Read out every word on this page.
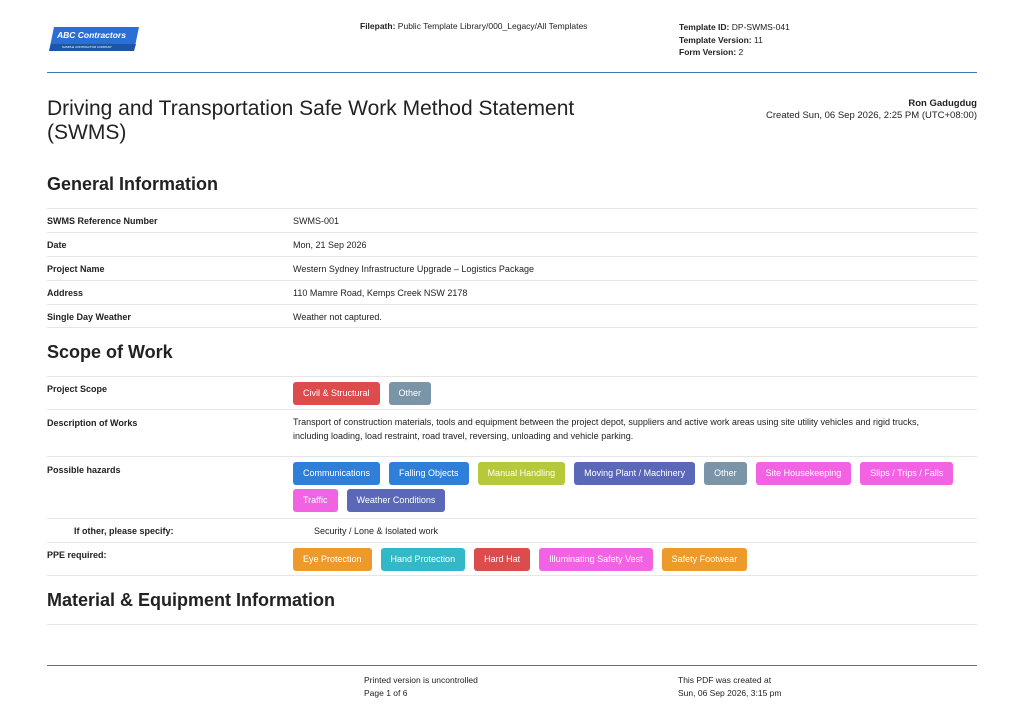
ABC Contractors
SAMPLE CONTRACTOR COMPANY
Filepath: Public Template Library/000_Legacy/All Templates	Template ID: DP-SWMS-041
Template Version: 11
Form Version: 2
Driving and Transportation Safe Work Method Statement (SWMS)
Ron Gadugdug
Created Sun, 06 Sep 2026, 2:25 PM (UTC+08:00)
General Information
SWMS Reference Number	SWMS-001
Date	Mon, 21 Sep 2026
Project Name	Western Sydney Infrastructure Upgrade – Logistics Package
Address	110 Mamre Road, Kemps Creek NSW 2178
Single Day Weather	Weather not captured.
Scope of Work
Project Scope	Civil & Structural	Other
Description of Works	Transport of construction materials, tools and equipment between the project depot, suppliers and active work areas using site utility vehicles and rigid trucks,
including loading, load restraint, road travel, reversing, unloading and vehicle parking.
Possible hazards	Communications	Falling Objects	Manual Handling	Moving Plant / Machinery	Other	Site Housekeeping	Slips / Trips / Falls
Traffic	Weather Conditions
If other, please specify:	Security / Lone & Isolated work
PPE required:	Eye Protection	Hand Protection	Hard Hat	Illuminating Safety Vest	Safety Footwear
Material & Equipment Information
Printed version is uncontrolled
Page 1 of 6
This PDF was created at
Sun, 06 Sep 2026, 3:15 pm
